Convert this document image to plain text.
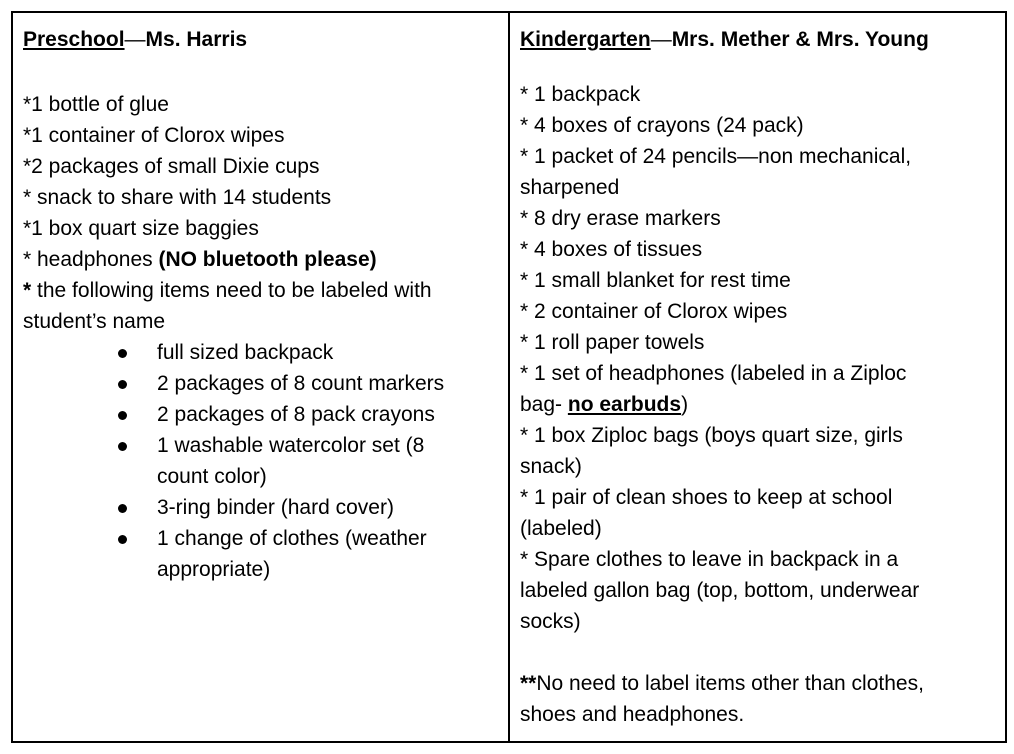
Preschool—Ms. Harris
*1 bottle of glue
*1 container of Clorox wipes
*2 packages of small Dixie cups
* snack to share with 14 students
*1 box quart size baggies
* headphones (NO bluetooth please)
* the following items need to be labeled with
student’s name
full sized backpack
2 packages of 8 count markers
2 packages of 8 pack crayons
1 washable watercolor set (8
count color)
3-ring binder (hard cover)
1 change of clothes (weather
appropriate)
Kindergarten—Mrs. Mether & Mrs. Young
* 1 backpack
* 4 boxes of crayons (24 pack)
* 1 packet of 24 pencils—non mechanical,
sharpened
* 8 dry erase markers
* 4 boxes of tissues
* 1 small blanket for rest time
* 2 container of Clorox wipes
* 1 roll paper towels
* 1 set of headphones (labeled in a Ziploc
bag- no earbuds)
* 1 box Ziploc bags (boys quart size, girls
snack)
* 1 pair of clean shoes to keep at school
(labeled)
* Spare clothes to leave in backpack in a
labeled gallon bag (top, bottom, underwear
socks)
**No need to label items other than clothes,
shoes and headphones.
